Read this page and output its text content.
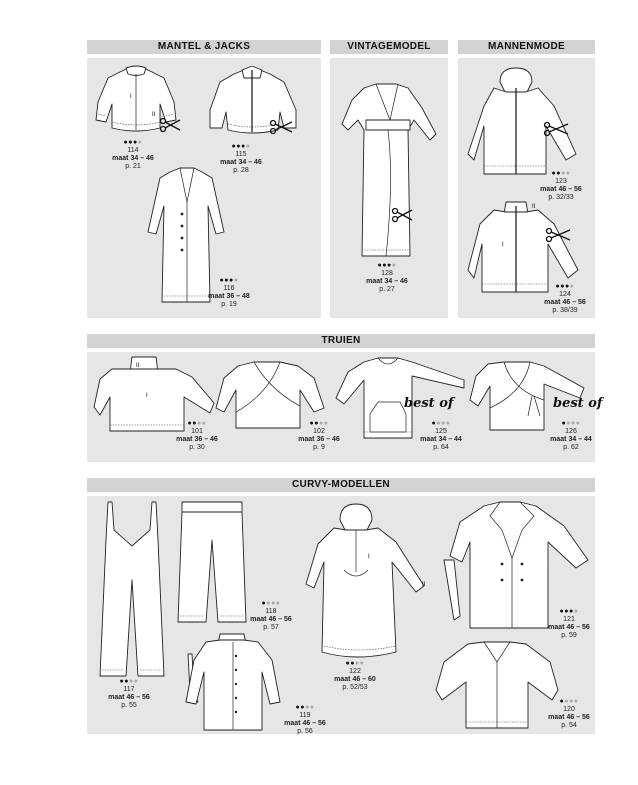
MANTEL & JACKS	VINTAGEMODEL	MANNENMODE
TRUIEN
CURVY-MODELLEN
I
II
●●●●
114
maat 34 – 46
p. 21
●●●●
115
maat 34 – 46
p. 28
●●●●
116
maat 36 – 48
p. 19
●●●●
128
maat 34 – 46
p. 27
●●●●
123
maat 46 – 56
p. 32/33
II
I
●●●●
124
maat 46 – 56
p. 38/39
II
I
●●●●
101
maat 36 – 46
p. 30
●●●●
102
maat 36 – 46
p. 9
best of
●●●●
125
maat 34 – 44
p. 64
best of
●●●●
126
maat 34 – 44
p. 62
●●●●
117
maat 46 – 56
p. 55
●●●●
118
maat 46 – 56
p. 57
●●●●
119
maat 46 – 56
p. 56
I
II
●●●●
122
maat 46 – 60
p. 52/53
●●●●
121
maat 46 – 56
p. 59
●●●●
120
maat 46 – 56
p. 54
